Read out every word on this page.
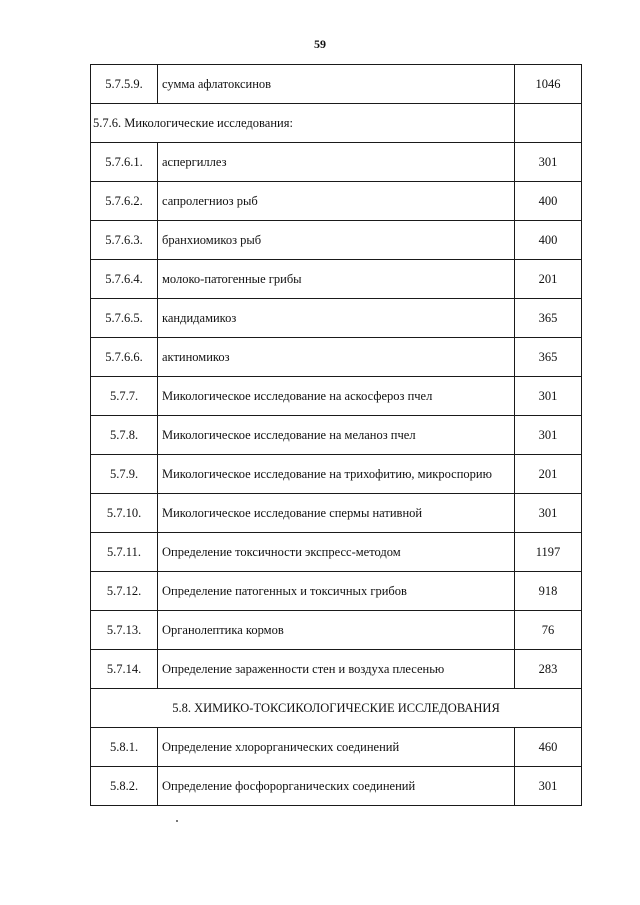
59
5.7.5.9.	сумма афлатоксинов	1046
5.7.6. Микологические исследования:		
5.7.6.1.	аспергиллез	301
5.7.6.2.	сапролегниоз рыб	400
5.7.6.3.	бранхиомикоз рыб	400
5.7.6.4.	молоко-патогенные грибы	201
5.7.6.5.	кандидамикоз	365
5.7.6.6.	актиномикоз	365
5.7.7.	Микологическое исследование на аскосфероз пчел	301
5.7.8.	Микологическое исследование на меланоз пчел	301
5.7.9.	Микологическое исследование на трихофитию, микроспорию	201
5.7.10.	Микологическое исследование спермы нативной	301
5.7.11.	Определение токсичности экспресс-методом	1197
5.7.12.	Определение патогенных и токсичных грибов	918
5.7.13.	Органолептика кормов	76
5.7.14.	Определение зараженности стен и воздуха плесенью	283
5.8. ХИМИКО-ТОКСИКОЛОГИЧЕСКИЕ ИССЛЕДОВАНИЯ		
5.8.1.	Определение хлорорганических соединений	460
5.8.2.	Определение фосфорорганических соединений	301
